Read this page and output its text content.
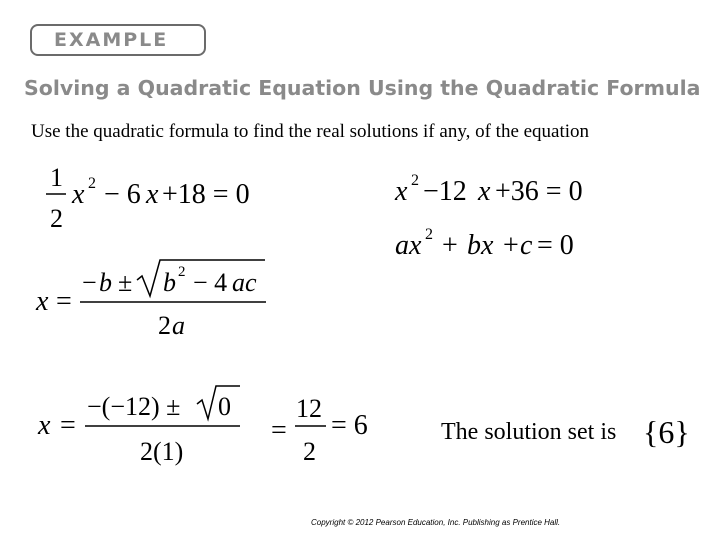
EXAMPLE
Solving a Quadratic Equation Using the Quadratic Formula
Use the quadratic formula to find the real solutions if any, of the equation
1
2
x 2 − 6 x +18 = 0	x 2 −12 x +36 = 0
ax 2 + bx + c = 0
x =
− b ± b 2 − 4 ac
2 a
x =
−(−12) ± 0
2(1)
=
12
2
= 6	{6}
The solution set is
Copyright © 2012 Pearson Education, Inc. Publishing as Prentice Hall.
